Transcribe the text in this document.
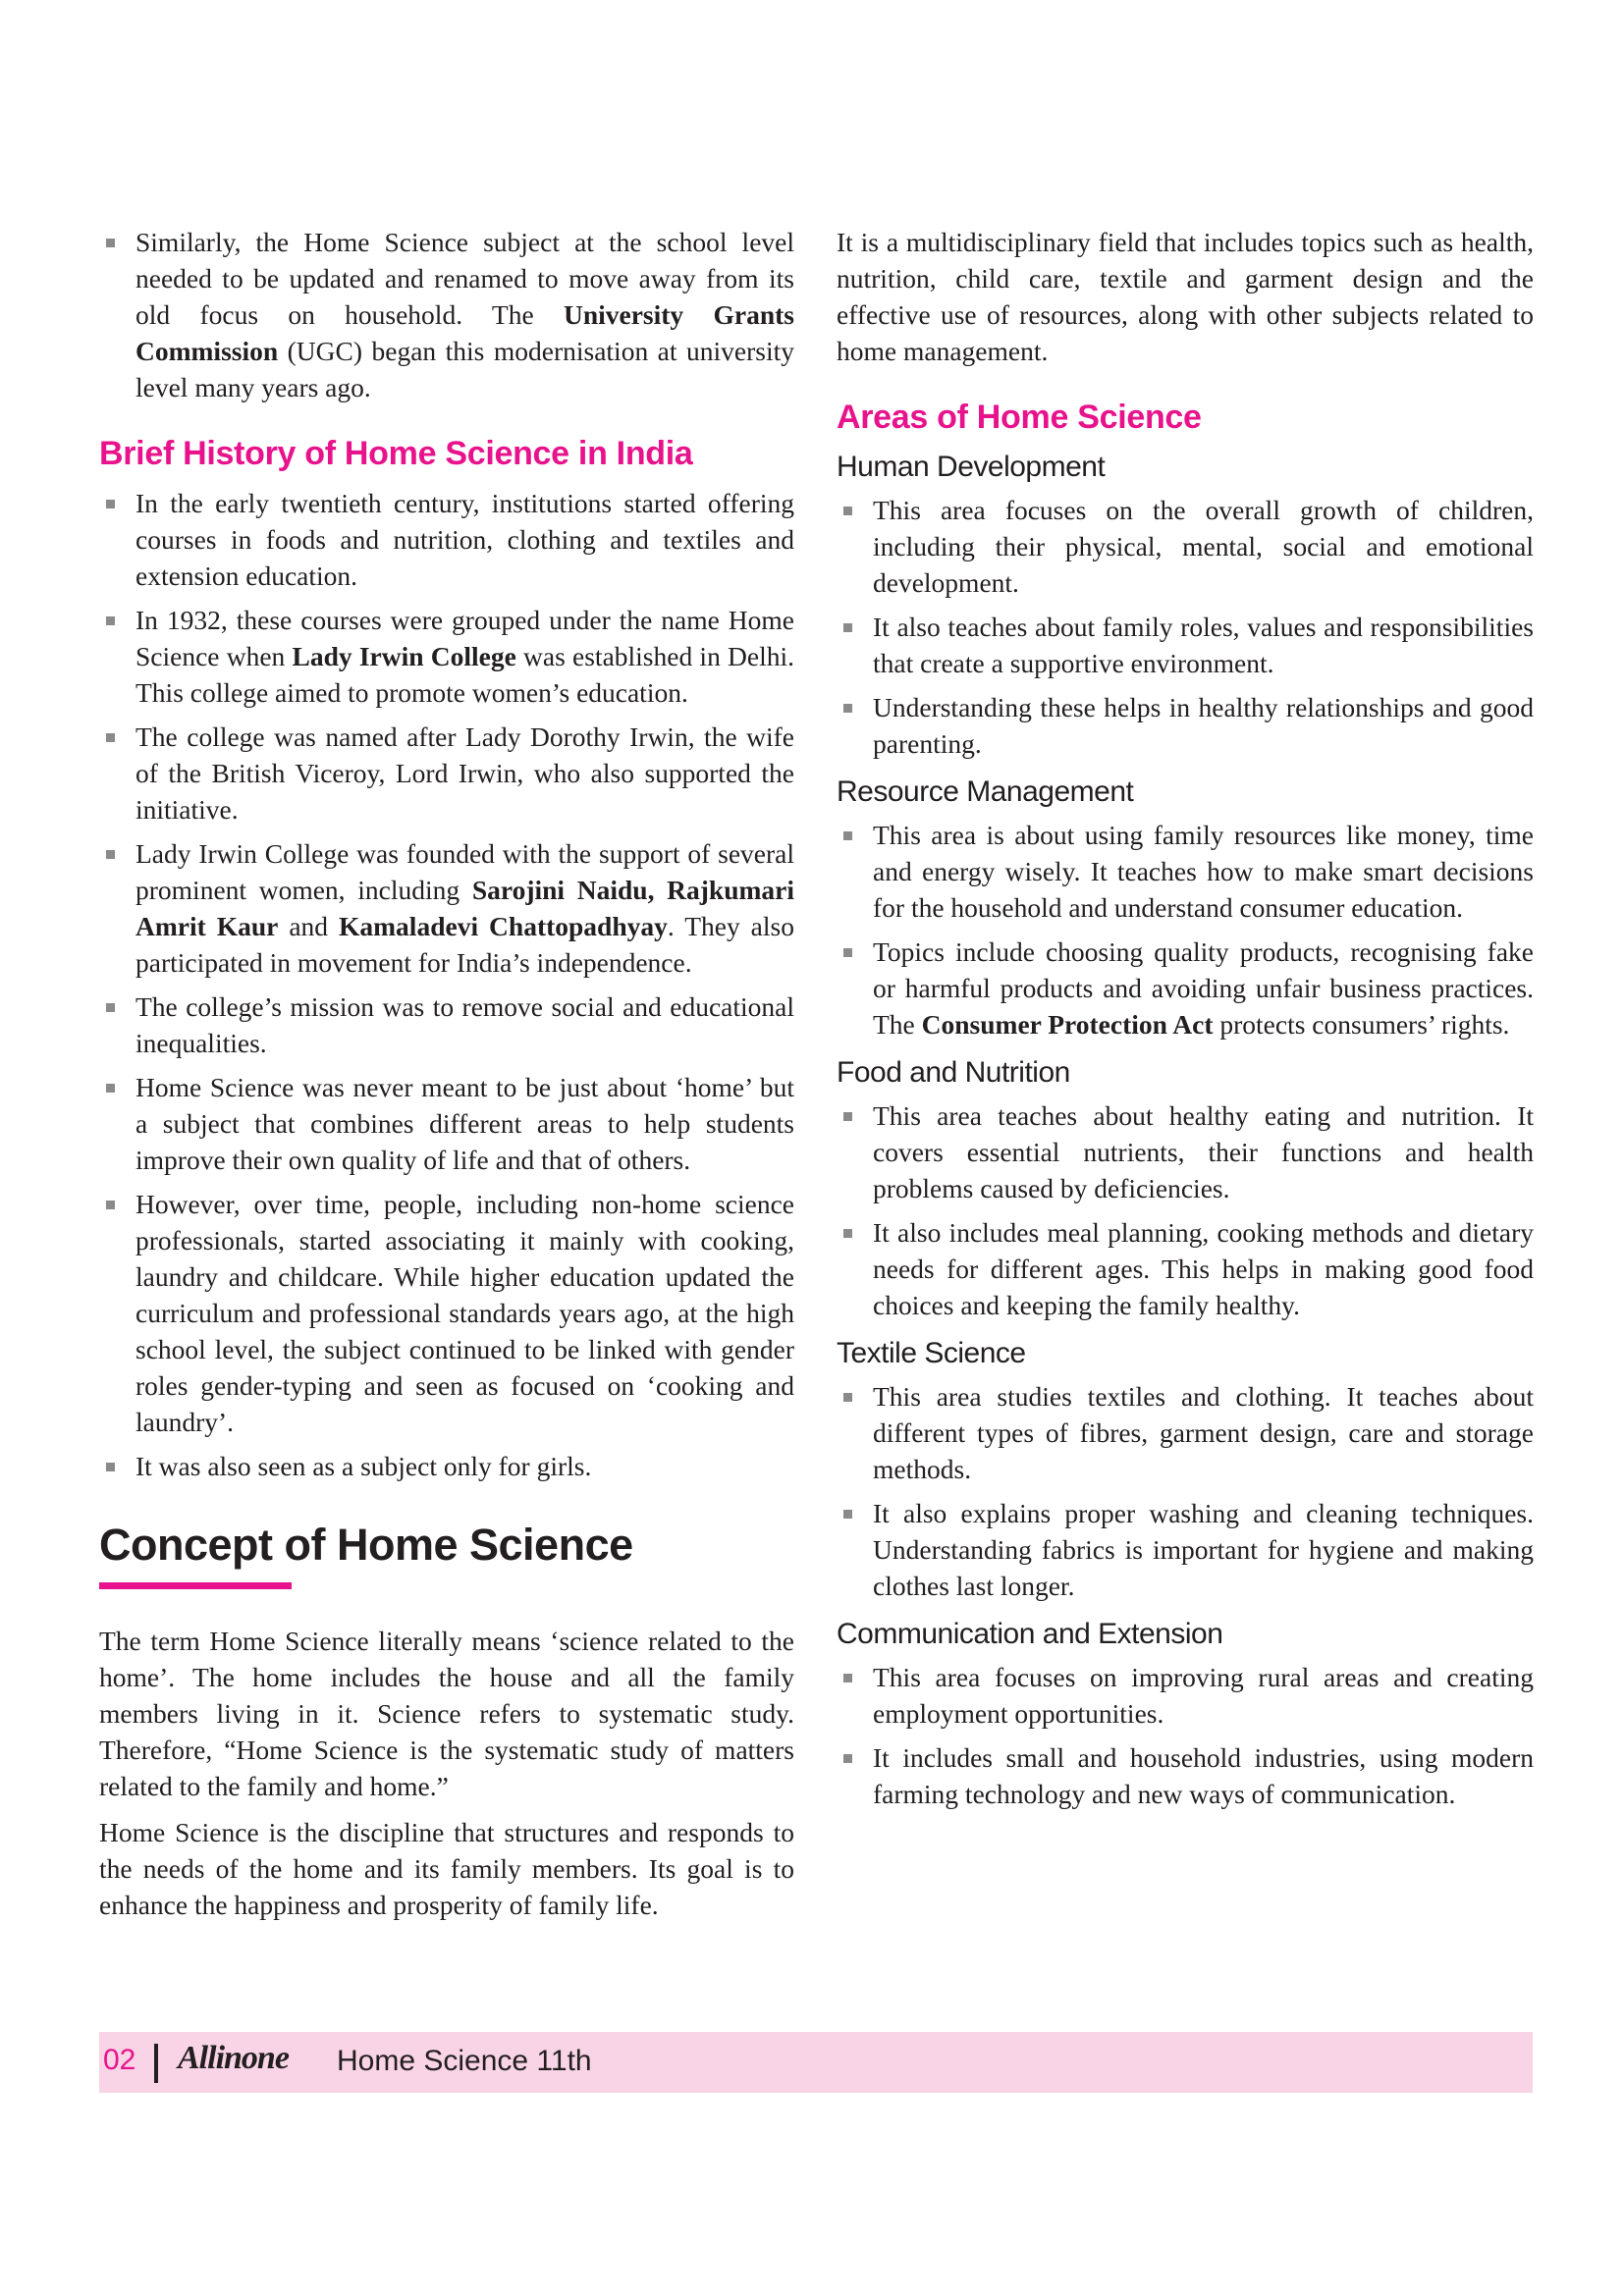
Similarly, the Home Science subject at the school level needed to be updated and renamed to move away from its old focus on household. The University Grants Commission (UGC) began this modernisation at university level many years ago.
Brief History of Home Science in India
In the early twentieth century, institutions started offering courses in foods and nutrition, clothing and textiles and extension education.
In 1932, these courses were grouped under the name Home Science when Lady Irwin College was established in Delhi. This college aimed to promote women’s education.
The college was named after Lady Dorothy Irwin, the wife of the British Viceroy, Lord Irwin, who also supported the initiative.
Lady Irwin College was founded with the support of several prominent women, including Sarojini Naidu, Rajkumari Amrit Kaur and Kamaladevi Chattopadhyay. They also participated in movement for India’s independence.
The college’s mission was to remove social and educational inequalities.
Home Science was never meant to be just about ‘home’ but a subject that combines different areas to help students improve their own quality of life and that of others.
However, over time, people, including non-home science professionals, started associating it mainly with cooking, laundry and childcare. While higher education updated the curriculum and professional standards years ago, at the high school level, the subject continued to be linked with gender roles gender-typing and seen as focused on ‘cooking and laundry’.
It was also seen as a subject only for girls.
Concept of Home Science

The term Home Science literally means ‘science related to the home’. The home includes the house and all the family members living in it. Science refers to systematic study. Therefore, “Home Science is the systematic study of matters related to the family and home.”

Home Science is the discipline that structures and responds to the needs of the home and its family members. Its goal is to enhance the happiness and prosperity of family life.

It is a multidisciplinary field that includes topics such as health, nutrition, child care, textile and garment design and the effective use of resources, along with other subjects related to home management.

Areas of Home Science
Human Development
This area focuses on the overall growth of children, including their physical, mental, social and emotional development.
It also teaches about family roles, values and responsibilities that create a supportive environment.
Understanding these helps in healthy relationships and good parenting.
Resource Management
This area is about using family resources like money, time and energy wisely. It teaches how to make smart decisions for the household and understand consumer education.
Topics include choosing quality products, recognising fake or harmful products and avoiding unfair business practices. The Consumer Protection Act protects consumers’ rights.
Food and Nutrition
This area teaches about healthy eating and nutrition. It covers essential nutrients, their functions and health problems caused by deficiencies.
It also includes meal planning, cooking methods and dietary needs for different ages. This helps in making good food choices and keeping the family healthy.
Textile Science
This area studies textiles and clothing. It teaches about different types of fibres, garment design, care and storage methods.
It also explains proper washing and cleaning techniques. Understanding fabrics is important for hygiene and making clothes last longer.
Communication and Extension
This area focuses on improving rural areas and creating employment opportunities.
It includes small and household industries, using modern farming technology and new ways of communication.
02 Allinone Home Science 11th
